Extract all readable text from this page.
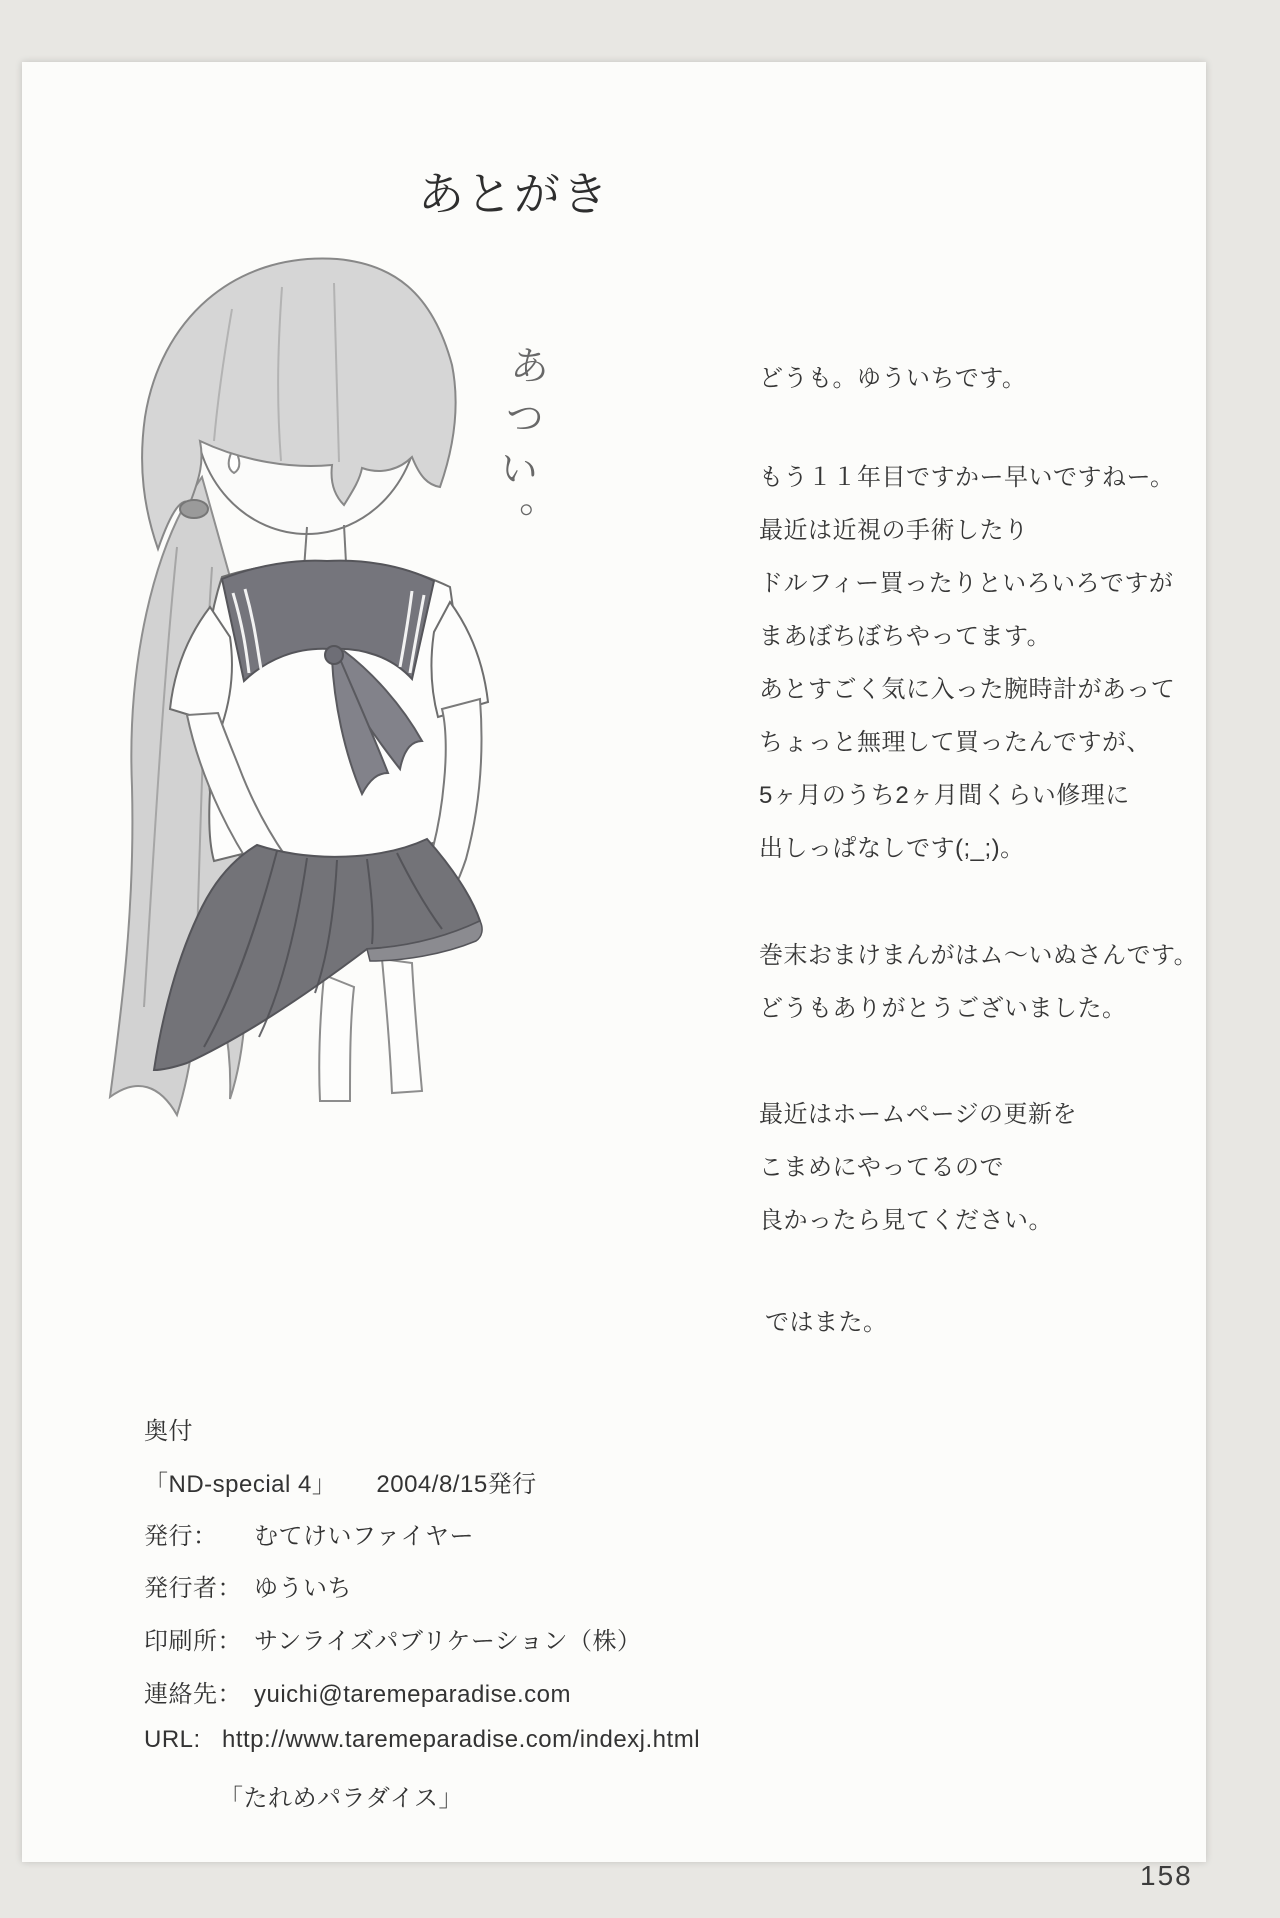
あとがき
あつい。	どうも。ゆういちです。
もう１１年目ですかー早いですねー。
最近は近視の手術したり
ドルフィー買ったりといろいろですが
まあぼちぼちやってます。
あとすごく気に入った腕時計があって
ちょっと無理して買ったんですが、
5ヶ月のうち2ヶ月間くらい修理に
出しっぱなしです(;_;)。
巻末おまけまんがはム～いぬさんです。
どうもありがとうございました。
最近はホームページの更新を
こまめにやってるので
良かったら見てください。
ではまた。
奥付
「ND-special 4」 2004/8/15発行
発行： むてけいファイヤー
発行者： ゆういち
印刷所： サンライズパブリケーション（株）
連絡先： yuichi@taremeparadise.com
URL: http://www.taremeparadise.com/indexj.html
「たれめパラダイス」
158
